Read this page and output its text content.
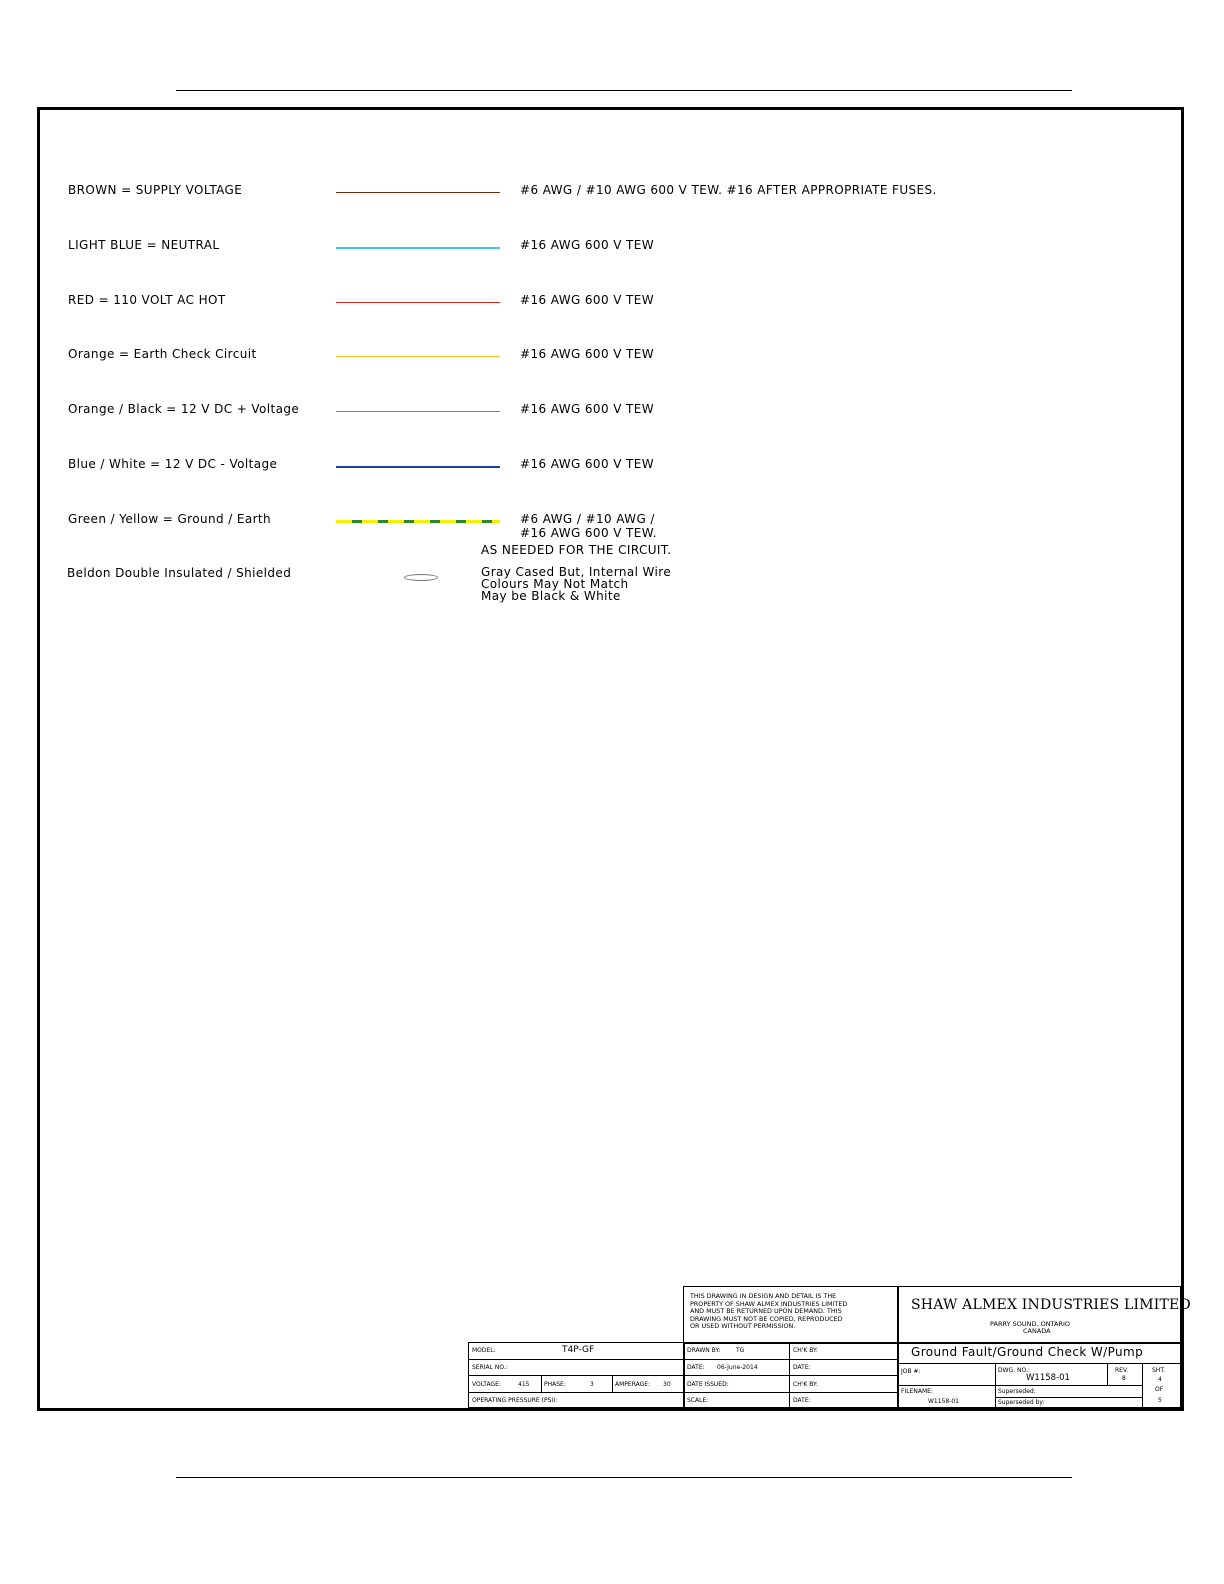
BROWN = SUPPLY VOLTAGE	#6 AWG / #10 AWG 600 V TEW. #16 AFTER APPROPRIATE FUSES.
LIGHT BLUE = NEUTRAL	#16 AWG 600 V TEW
RED = 110 VOLT AC HOT	#16 AWG 600 V TEW
Orange = Earth Check Circuit	#16 AWG 600 V TEW
Orange / Black = 12 V DC + Voltage	#16 AWG 600 V TEW
Blue / White = 12 V DC - Voltage	#16 AWG 600 V TEW
Green / Yellow = Ground / Earth	#6 AWG / #10 AWG /
#16 AWG 600 V TEW.
AS NEEDED FOR THE CIRCUIT.
Beldon Double Insulated / Shielded	Gray Cased But, Internal Wire
Colours May Not Match
May be Black & White
THIS DRAWING IN DESIGN AND DETAIL IS THE
PROPERTY OF SHAW ALMEX INDUSTRIES LIMITED
AND MUST BE RETURNED UPON DEMAND. THIS
DRAWING MUST NOT BE COPIED, REPRODUCED
OR USED WITHOUT PERMISSION.
SHAW ALMEX INDUSTRIES LIMITED
PARRY SOUND, ONTARIO
CANADA
MODEL:	T4P-GF
SERIAL NO.:
VOLTAGE:	415 PHASE:	3	AMPERAGE: 30
OPERATING PRESSURE (PSI):
DRAWN BY:	TG	CH'K BY:
DATE: 06-June-2014	DATE:
DATE ISSUED:	CH'K BY:
SCALE:	DATE:
Ground Fault/Ground Check W/Pump
JOB #:	DWG. NO.:
W1158-01
REV.
8
SHT.
4
OF
5
FILENAME:
W1158-01
Superseded:
Superseded by:
